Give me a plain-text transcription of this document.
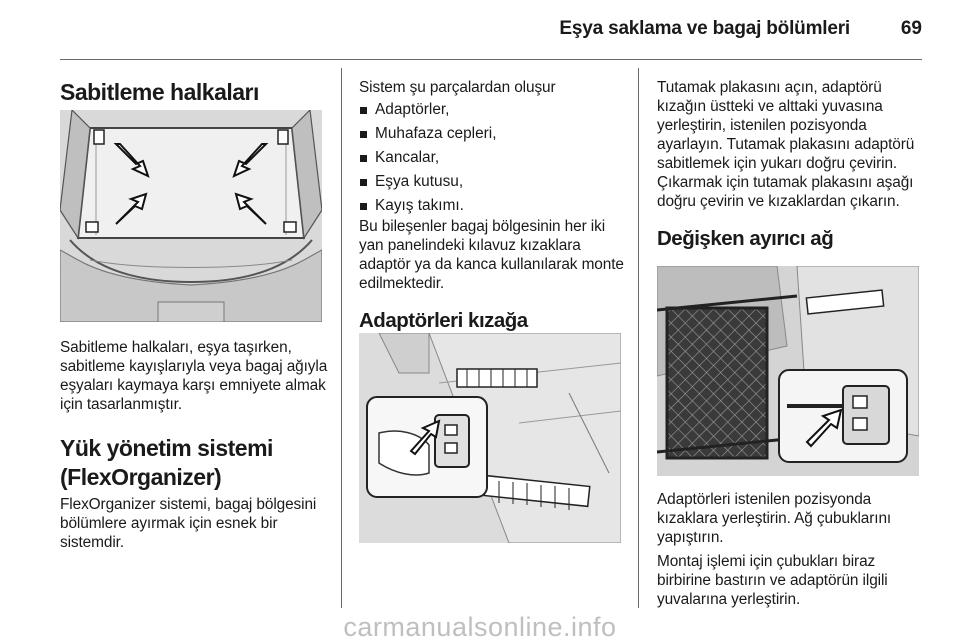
Eşya saklama ve bagaj bölümleri	69
Sabitleme halkaları

Sabitleme halkaları, eşya taşırken, sabitleme kayışlarıyla veya bagaj ağıyla eşyaları kaymaya karşı emniyete almak için tasarlanmıştır.

Yük yönetim sistemi (FlexOrganizer)

FlexOrganizer sistemi, bagaj bölgesini bölümlere ayırmak için esnek bir sistemdir.

Sistem şu parçalardan oluşur

Adaptörler,
Muhafaza cepleri,
Kancalar,
Eşya kutusu,
Kayış takımı.

Bu bileşenler bagaj bölgesinin her iki yan panelindeki kılavuz kızaklara adaptör ya da kanca kullanılarak monte edilmektedir.

Adaptörleri kızağa

Tutamak plakasını açın, adaptörü kızağın üstteki ve alttaki yuvasına yerleştirin, istenilen pozisyonda ayarlayın. Tutamak plakasını adaptörü sabitlemek için yukarı doğru çevirin. Çıkarmak için tutamak plakasını aşağı doğru çevirin ve kızaklardan çıkarın.

Değişken ayırıcı ağ

Adaptörleri istenilen pozisyonda kızaklara yerleştirin. Ağ çubuklarını yapıştırın.

Montaj işlemi için çubukları biraz birbirine bastırın ve adaptörün ilgili yuvalarına yerleştirin.

carmanualsonline.info
